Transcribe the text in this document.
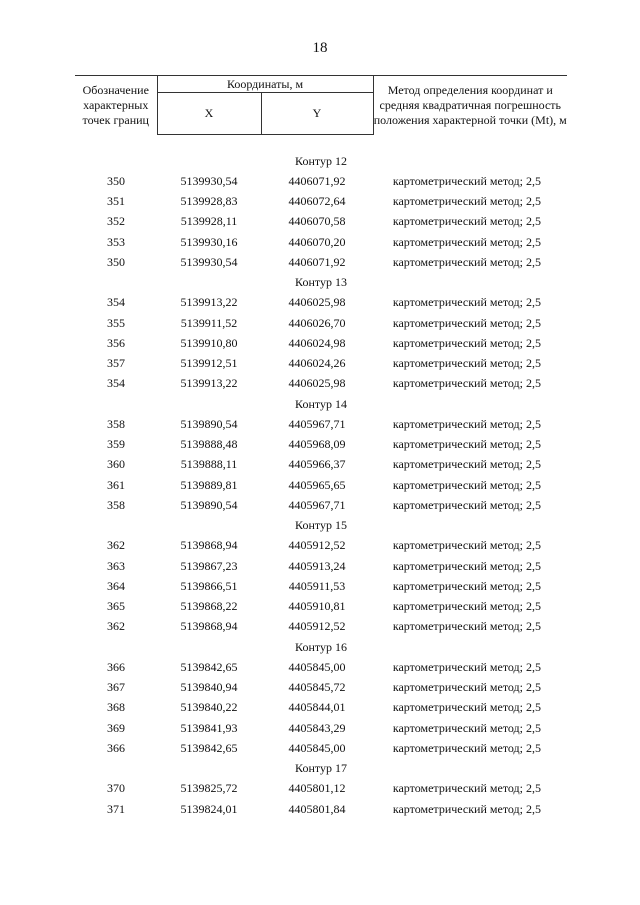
18
Обозначение характерных точек границ	Координаты, м		Метод определения координат и средняя квадратичная погрешность положения характерной точки (Mt), м
	X	Y	

Контур 12			
350	5139930,54	4406071,92	картометрический метод; 2,5
351	5139928,83	4406072,64	картометрический метод; 2,5
352	5139928,11	4406070,58	картометрический метод; 2,5
353	5139930,16	4406070,20	картометрический метод; 2,5
350	5139930,54	4406071,92	картометрический метод; 2,5
Контур 13			
354	5139913,22	4406025,98	картометрический метод; 2,5
355	5139911,52	4406026,70	картометрический метод; 2,5
356	5139910,80	4406024,98	картометрический метод; 2,5
357	5139912,51	4406024,26	картометрический метод; 2,5
354	5139913,22	4406025,98	картометрический метод; 2,5
Контур 14			
358	5139890,54	4405967,71	картометрический метод; 2,5
359	5139888,48	4405968,09	картометрический метод; 2,5
360	5139888,11	4405966,37	картометрический метод; 2,5
361	5139889,81	4405965,65	картометрический метод; 2,5
358	5139890,54	4405967,71	картометрический метод; 2,5
Контур 15			
362	5139868,94	4405912,52	картометрический метод; 2,5
363	5139867,23	4405913,24	картометрический метод; 2,5
364	5139866,51	4405911,53	картометрический метод; 2,5
365	5139868,22	4405910,81	картометрический метод; 2,5
362	5139868,94	4405912,52	картометрический метод; 2,5
Контур 16			
366	5139842,65	4405845,00	картометрический метод; 2,5
367	5139840,94	4405845,72	картометрический метод; 2,5
368	5139840,22	4405844,01	картометрический метод; 2,5
369	5139841,93	4405843,29	картометрический метод; 2,5
366	5139842,65	4405845,00	картометрический метод; 2,5
Контур 17			
370	5139825,72	4405801,12	картометрический метод; 2,5
371	5139824,01	4405801,84	картометрический метод; 2,5
